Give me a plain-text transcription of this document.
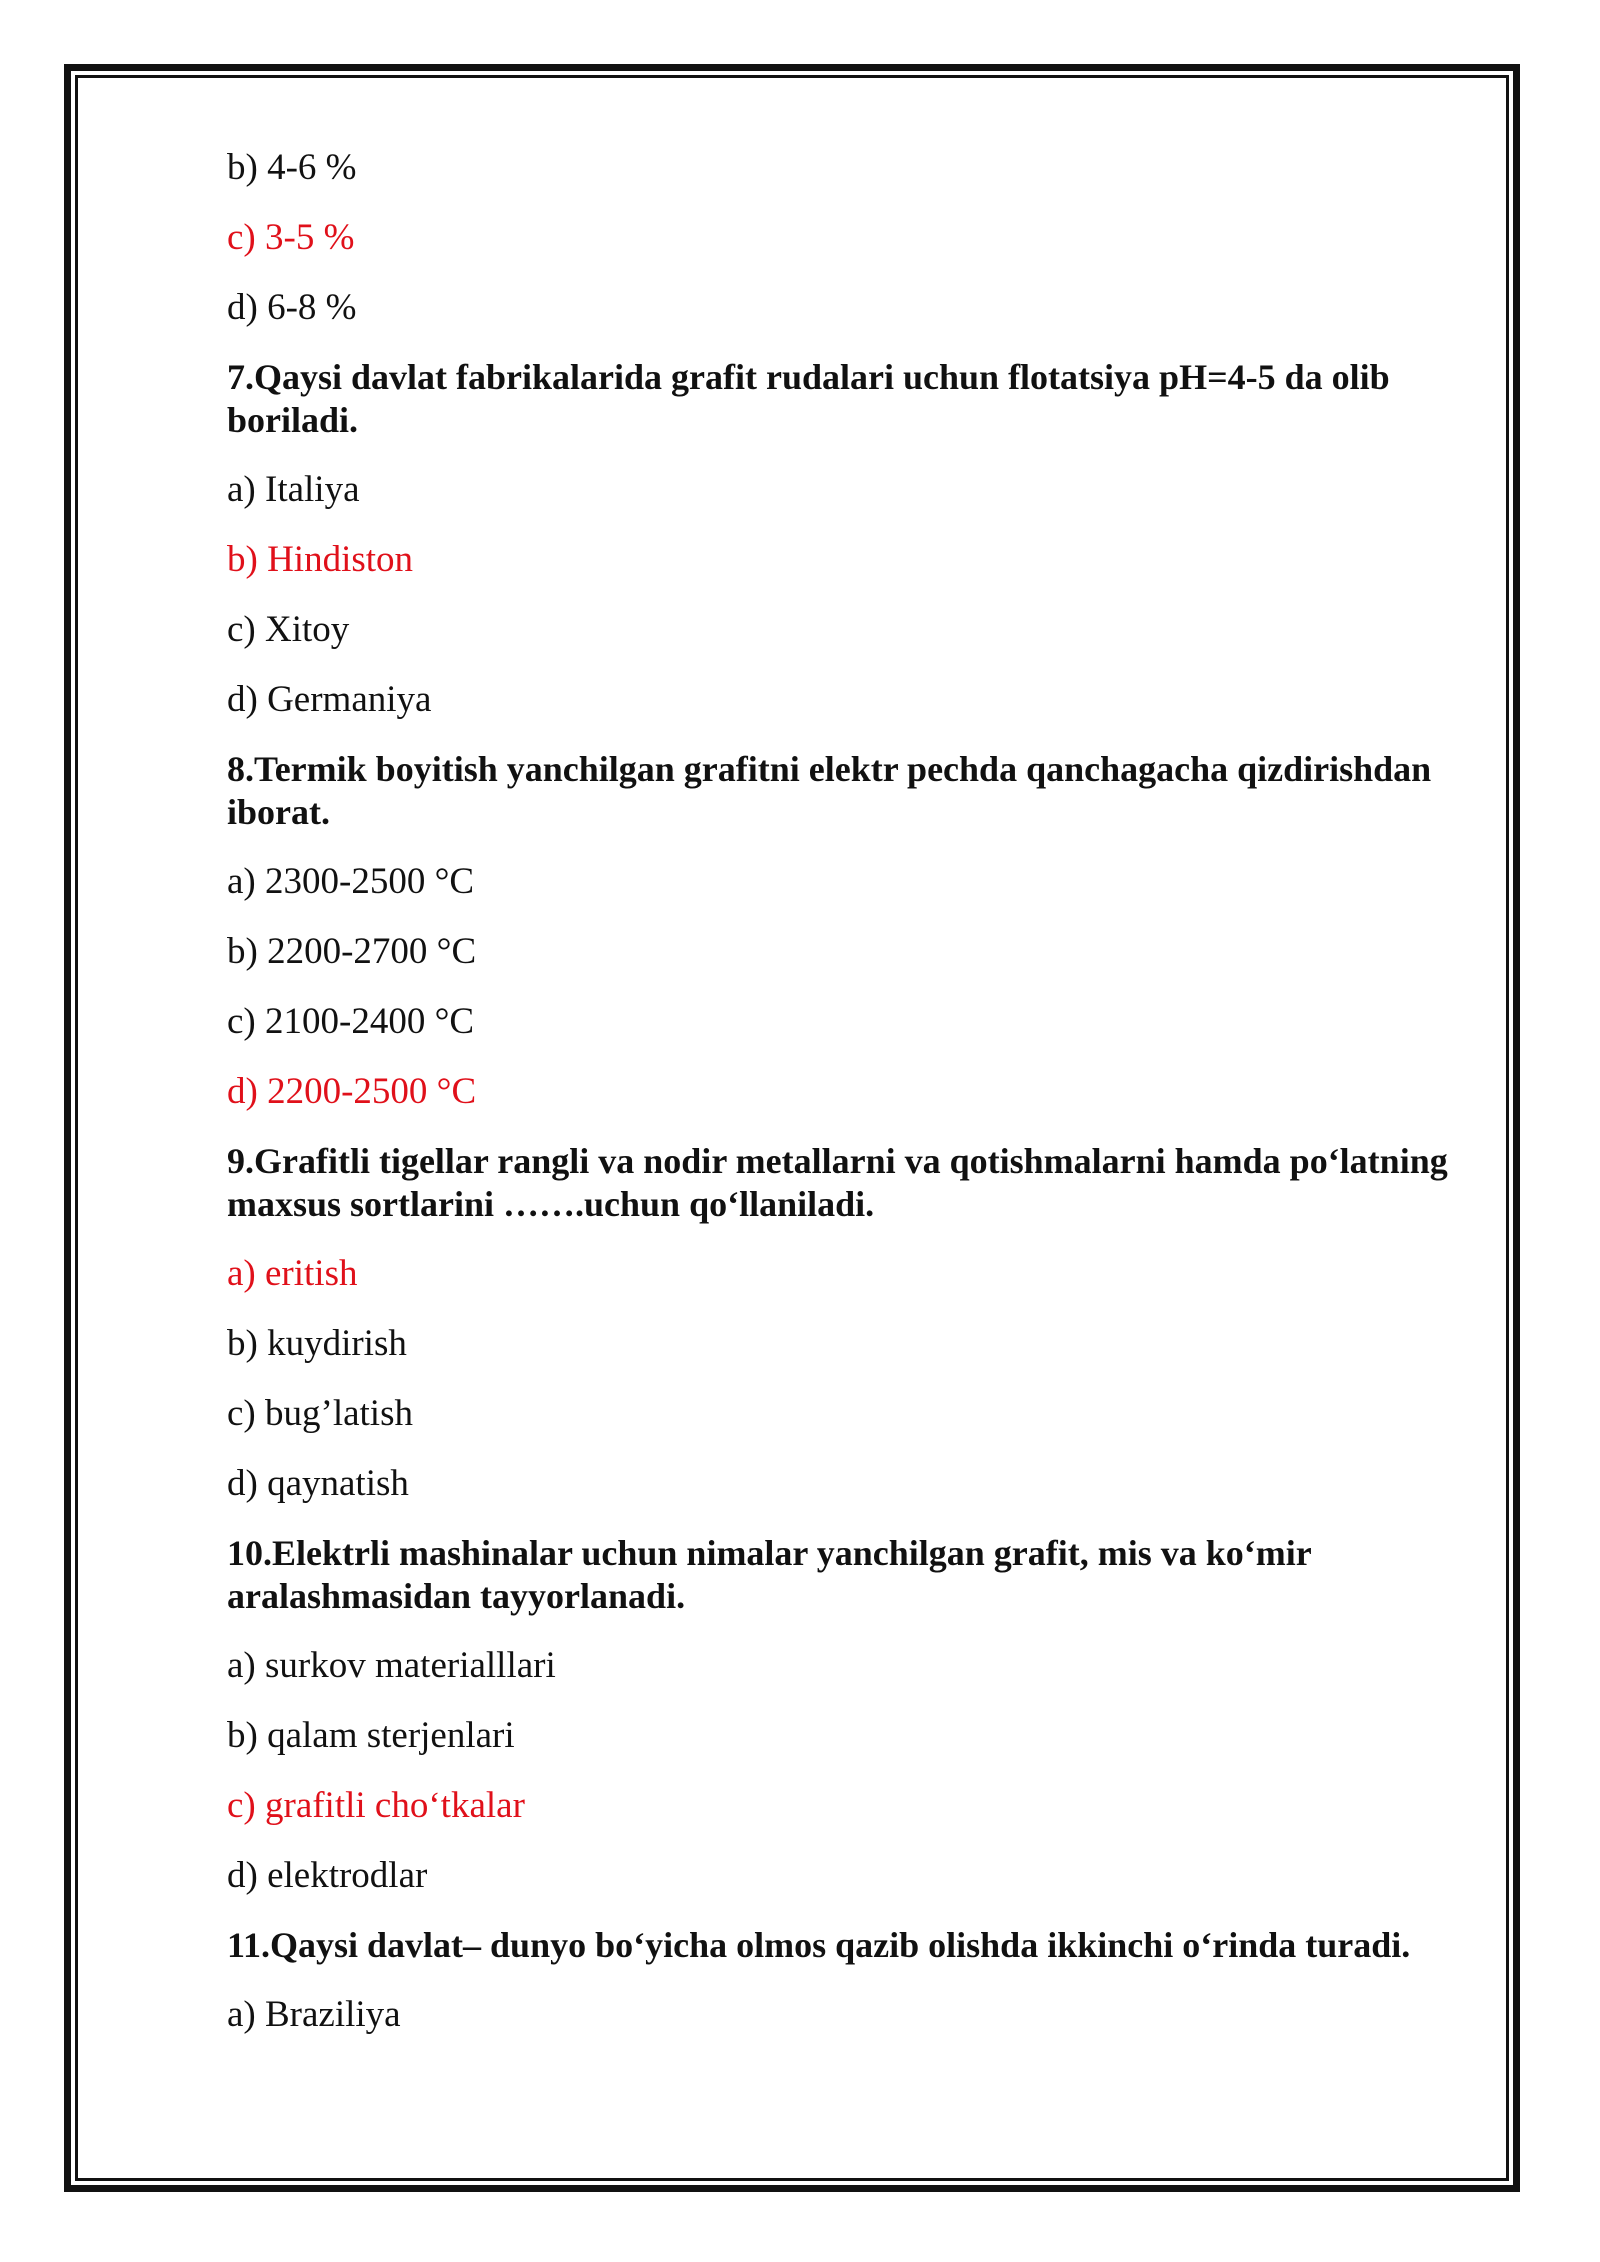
b) 4-6 %
c) 3-5 %
d) 6-8 %
7.Qaysi davlat fabrikalarida grafit rudalari uchun flotatsiya pH=4-5 da olib boriladi.
a) Italiya
b) Hindiston
c) Xitoy
d) Germaniya
8.Termik boyitish yanchilgan grafitni elektr pechda qanchagacha qizdirishdan iborat.
a) 2300-2500 °C
b) 2200-2700 °C
c) 2100-2400 °C
d) 2200-2500 °C
9.Grafitli tigellar rangli va nodir metallarni va qotishmalarni hamda po‘latning maxsus sortlarini …….uchun qo‘llaniladi.
a) eritish
b) kuydirish
c) bug’latish
d) qaynatish
10.Elektrli mashinalar uchun nimalar yanchilgan grafit, mis va ko‘mir aralashmasidan tayyorlanadi.
a) surkov materialllari
b) qalam sterjenlari
c) grafitli cho‘tkalar
d) elektrodlar
11.Qaysi davlat– dunyo bo‘yicha olmos qazib olishda ikkinchi o‘rinda turadi.
a) Braziliya
